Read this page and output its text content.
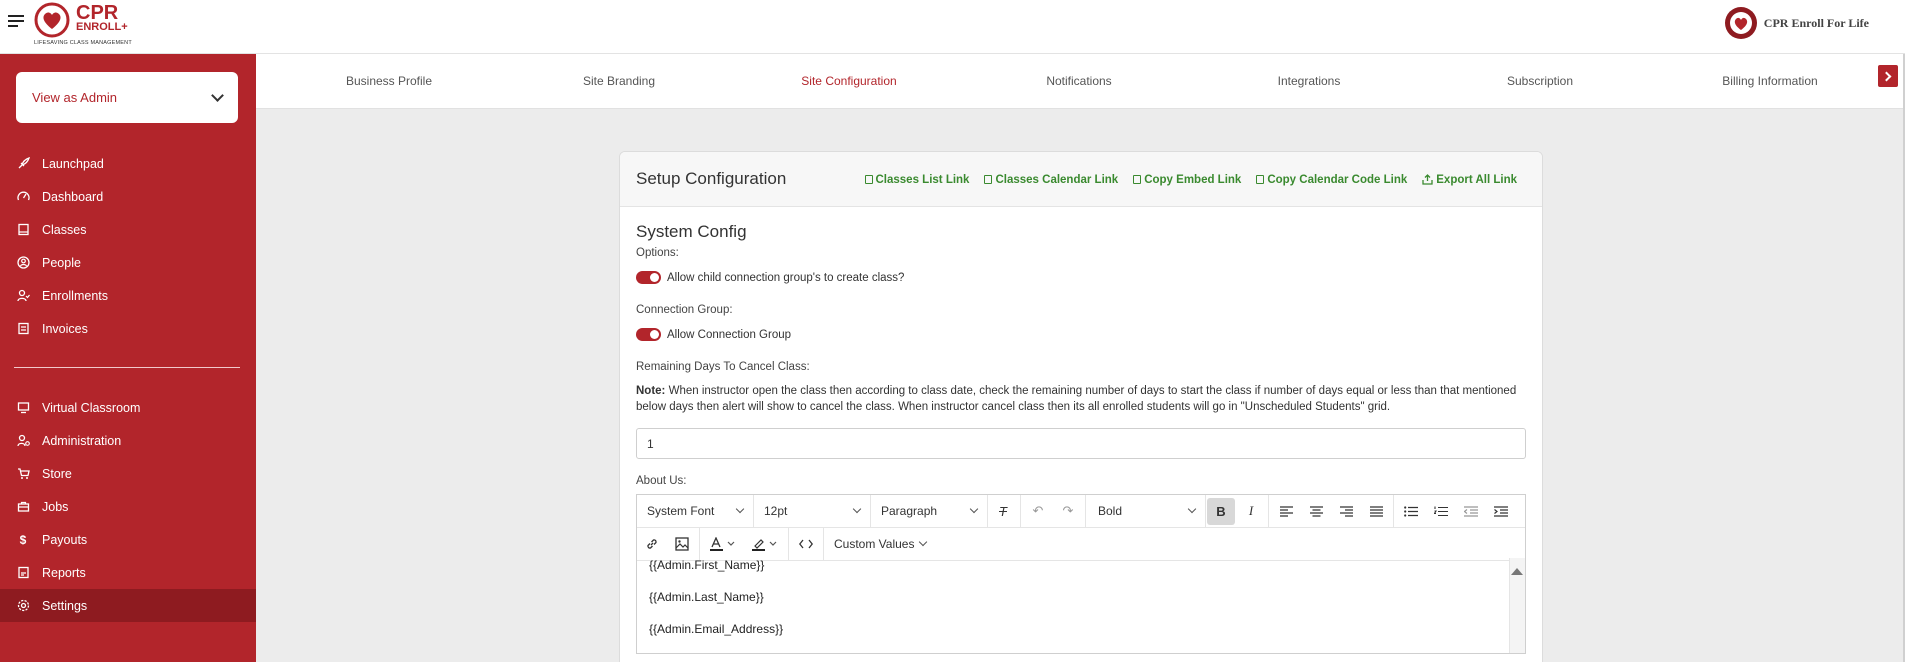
CPR
ENROLL+
LIFESAVING CLASS MANAGEMENT
CPR Enroll For Life
View as Admin
Launchpad
Dashboard
Classes
People
Enrollments
Invoices
Virtual Classroom
Administration
Store
Jobs
$ Payouts
Reports
Settings
Business Profile	Site Branding	Site Configuration	Notifications	Integrations	Subscription	Billing Information
Setup Configuration	Classes List Link Classes Calendar Link Copy Embed Link Copy Calendar Code Link	Export All Link
System Config
Options:
Allow child connection group's to create class?
Connection Group:
Allow Connection Group
Remaining Days To Cancel Class:
Note: When instructor open the class then according to class date, check the remaining number of days to start the class if number of days equal or less than that mentioned below days then alert will show to cancel the class. When instructor cancel class then its all enrolled students will go in "Unscheduled Students" grid.
1
About Us:
System Font	12pt	Paragraph	T ↶ ↷ Bold	B I
Custom Values

{{Admin.First_Name}}

{{Admin.Last_Name}}

{{Admin.Email_Address}}
